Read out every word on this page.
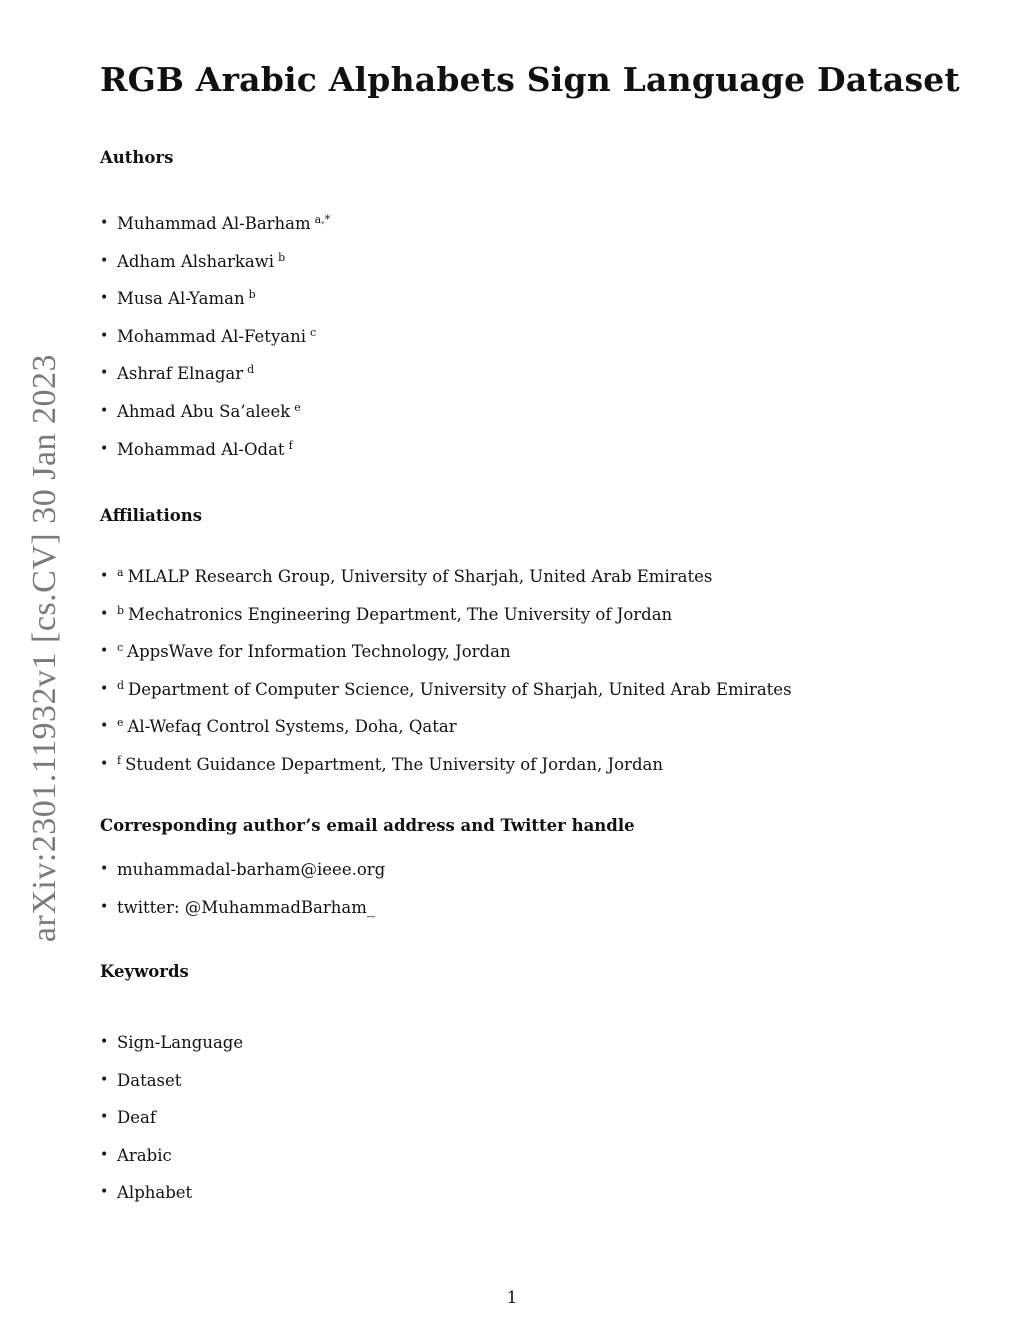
arXiv:2301.11932v1 [cs.CV] 30 Jan 2023
RGB Arabic Alphabets Sign Language Dataset
Authors
• Muhammad Al-Barham $^{a,*}$
• Adham Alsharkawi $^b$
• Musa Al-Yaman $^b$
• Mohammad Al-Fetyani $^c$
• Ashraf Elnagar $^d$
• Ahmad Abu Sa’aleek $^e$
• Mohammad Al-Odat $^f$
Affiliations
• $^a$ MLALP Research Group, University of Sharjah, United Arab Emirates
• $^b$ Mechatronics Engineering Department, The University of Jordan
• $^c$ AppsWave for Information Technology, Jordan
• $^d$ Department of Computer Science, University of Sharjah, United Arab Emirates
• $^e$ Al-Wefaq Control Systems, Doha, Qatar
• $^f$ Student Guidance Department, The University of Jordan, Jordan
Corresponding author’s email address and Twitter handle
• muhammadal-barham@ieee.org
• twitter: @MuhammadBarham_
Keywords
• Sign-Language
• Dataset
• Deaf
• Arabic
• Alphabet
1
